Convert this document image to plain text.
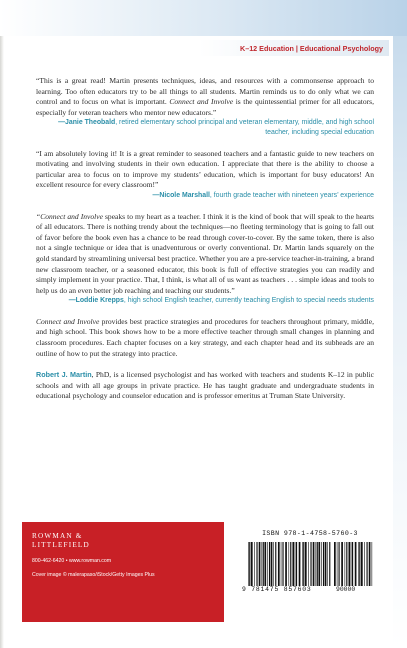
K–12 Education | Educational Psychology
“This is a great read! Martin presents techniques, ideas, and resources with a commonsense approach to learning. Too often educators try to be all things to all students. Martin reminds us to do only what we can control and to focus on what is important. Connect and Involve is the quintessential primer for all educators, especially for veteran teachers who mentor new educators.”
—Janie Theobald, retired elementary school principal and veteran elementary, middle, and high school teacher, including special education
“I am absolutely loving it! It is a great reminder to seasoned teachers and a fantastic guide to new teachers on motivating and involving students in their own education. I appreciate that there is the ability to choose a particular area to focus on to improve my students’ education, which is important for busy educators! An excellent resource for every classroom!”
—Nicole Marshall, fourth grade teacher with nineteen years’ experience
“Connect and Involve speaks to my heart as a teacher. I think it is the kind of book that will speak to the hearts of all educators. There is nothing trendy about the techniques—no fleeting terminology that is going to fall out of favor before the book even has a chance to be read through cover-to-cover. By the same token, there is also not a single technique or idea that is unadventurous or overly conventional. Dr. Martin lands squarely on the gold standard by streamlining universal best practice. Whether you are a pre-service teacher-in-training, a brand new classroom teacher, or a seasoned educator, this book is full of effective strategies you can readily and simply implement in your practice. That, I think, is what all of us want as teachers . . . simple ideas and tools to help us do an even better job reaching and teaching our students.”
—Loddie Krepps, high school English teacher, currently teaching English to special needs students
Connect and Involve provides best practice strategies and procedures for teachers throughout primary, middle, and high school. This book shows how to be a more effective teacher through small changes in planning and classroom procedures. Each chapter focuses on a key strategy, and each chapter head and its subheads are an outline of how to put the strategy into practice.
Robert J. Martin, PhD, is a licensed psychologist and has worked with teachers and students K–12 in public schools and with all age groups in private practice. He has taught graduate and undergraduate students in educational psychology and counselor education and is professor emeritus at Truman State University.
ROWMAN &
LITTLEFIELD
800-462-6420 • www.rowman.com
Cover image © malerapaso/iStock/Getty Images Plus
ISBN 978-1-4758-5760-3
9 781475 857603	90000
